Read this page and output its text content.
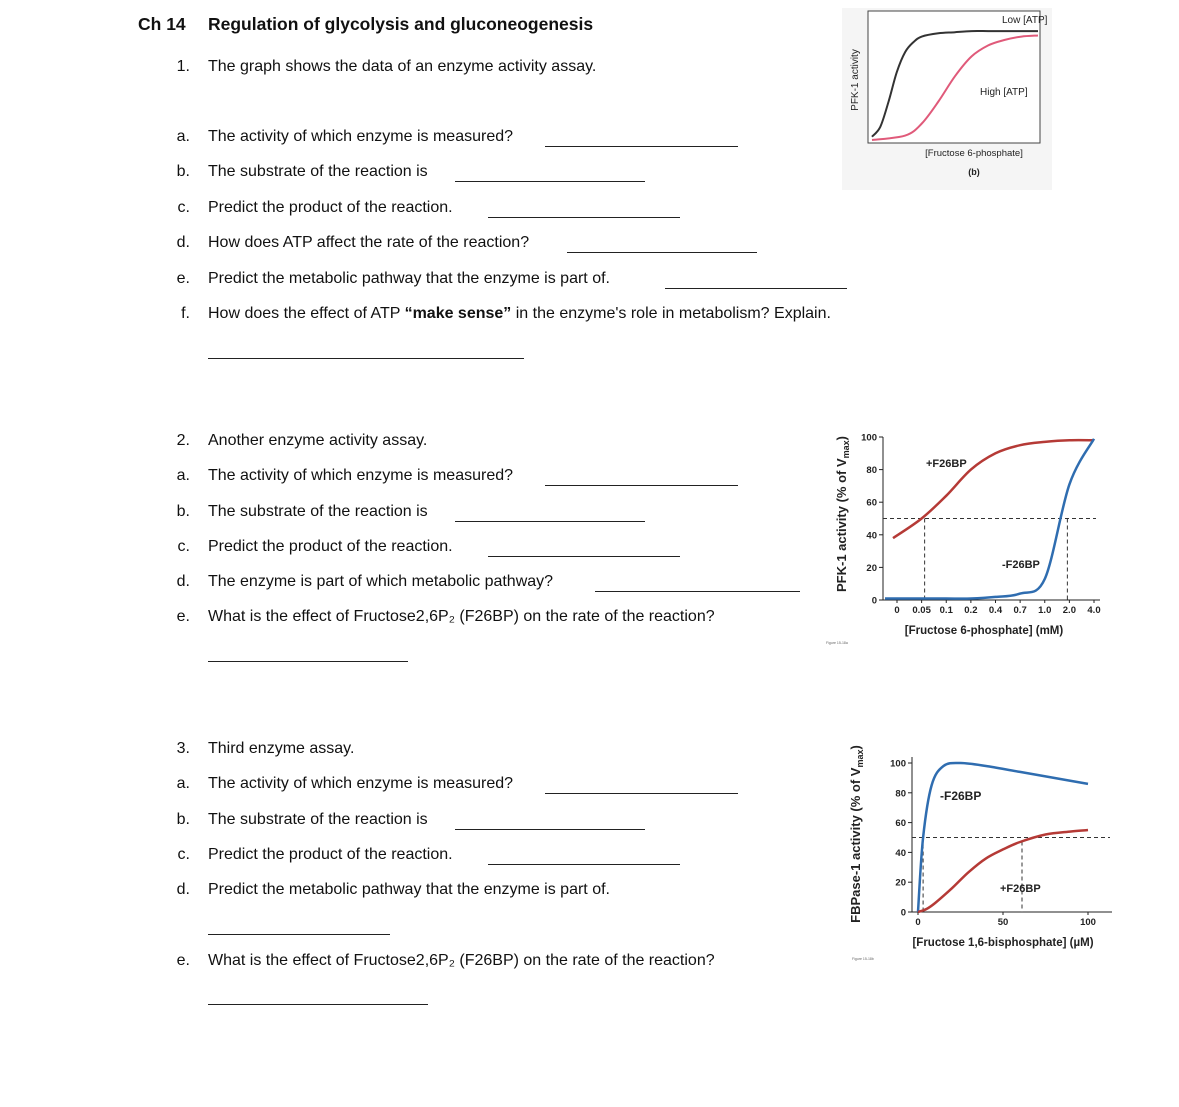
Ch 14 Regulation of glycolysis and gluconeogenesis
1. The graph shows the data of an enzyme activity assay.
a. The activity of which enzyme is measured?
b. The substrate of the reaction is
c. Predict the product of the reaction.
d. How does ATP affect the rate of the reaction?
e. Predict the metabolic pathway that the enzyme is part of.
f. How does the effect of ATP “make sense” in the enzyme's role in metabolism? Explain.
PFK-1 activity
Low [ATP]
High [ATP]
[Fructose 6-phosphate]
(b)
2. Another enzyme activity assay.
a. The activity of which enzyme is measured?
b. The substrate of the reaction is
c. Predict the product of the reaction.
d. The enzyme is part of which metabolic pathway?
e. What is the effect of Fructose2,6P₂ (F26BP) on the rate of the reaction?
PFK-1 activity (% of $V_{max}$)
0
20
40
60
80
100
0 0.05 0.1 0.2 0.4 0.7 1.0 2.0 4.0
+F26BP
-F26BP
[Fructose 6-phosphate] (mM)
Figure 15-18a
3. Third enzyme assay.
a. The activity of which enzyme is measured?
b. The substrate of the reaction is
c. Predict the product of the reaction.
d. Predict the metabolic pathway that the enzyme is part of.
e. What is the effect of Fructose2,6P₂ (F26BP) on the rate of the reaction?
FBPase-1 activity (% of $V_{max}$)
0
20
40
60
80
100
0	50	100
-F26BP
+F26BP
[Fructose 1,6-bisphosphate] (µM)
Figure 15-18b
